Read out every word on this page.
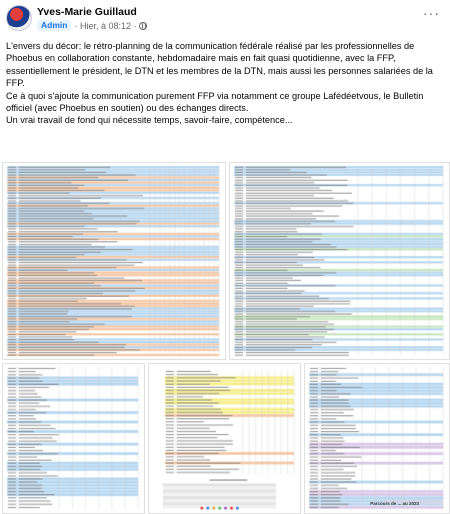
Yves-Marie Guillaud
Admin · Hier, à 08:12 ·
···

L'envers du décor: le rétro-planning de la communication fédérale réalisé par les professionnelles de Phoebus en collaboration constante, hebdomadaire mais en fait quasi quotidienne, avec la FFP, essentiellement le président, le DTN et les membres de la DTN, mais aussi les personnes salariées de la FFP.

Ce à quoi s'ajoute la communication purement FFP via notamment ce groupe Lafédéetvous, le Bulletin officiel (avec Phoebus en soutien) ou des échanges directs.

Un vrai travail de fond qui nécessite temps, savoir-faire, compétence...

Parcours de ... au 2023
